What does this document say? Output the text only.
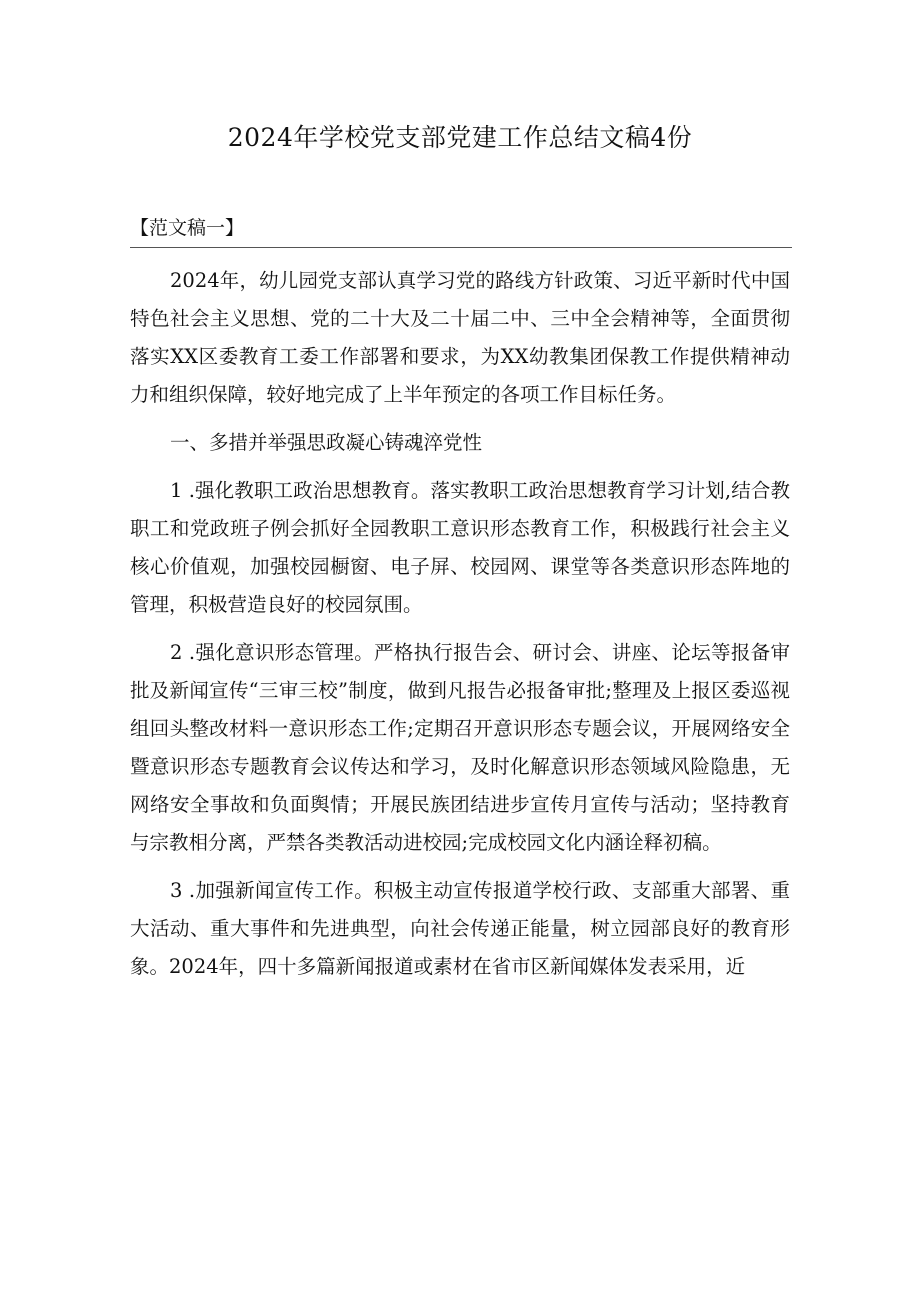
2024年学校党支部党建工作总结文稿4份
【范文稿一】

2024年，幼儿园党支部认真学习党的路线方针政策、习近平新时代中国特色社会主义思想、党的二十大及二十届二中、三中全会精神等，全面贯彻落实XX区委教育工委工作部署和要求，为XX幼教集团保教工作提供精神动力和组织保障，较好地完成了上半年预定的各项工作目标任务。

一、多措并举强思政凝心铸魂淬党性

1 .强化教职工政治思想教育。落实教职工政治思想教育学习计划,结合教职工和党政班子例会抓好全园教职工意识形态教育工作，积极践行社会主义核心价值观，加强校园橱窗、电子屏、校园网、课堂等各类意识形态阵地的管理，积极营造良好的校园氛围。

2 .强化意识形态管理。严格执行报告会、研讨会、讲座、论坛等报备审批及新闻宣传“三审三校”制度，做到凡报告必报备审批;整理及上报区委巡视组回头整改材料一意识形态工作;定期召开意识形态专题会议，开展网络安全暨意识形态专题教育会议传达和学习，及时化解意识形态领域风险隐患，无网络安全事故和负面舆情；开展民族团结进步宣传月宣传与活动；坚持教育与宗教相分离，严禁各类教活动进校园;完成校园文化内涵诠释初稿。

3 .加强新闻宣传工作。积极主动宣传报道学校行政、支部重大部署、重大活动、重大事件和先进典型，向社会传递正能量，树立园部良好的教育形象。2024年，四十多篇新闻报道或素材在省市区新闻媒体发表采用，近
